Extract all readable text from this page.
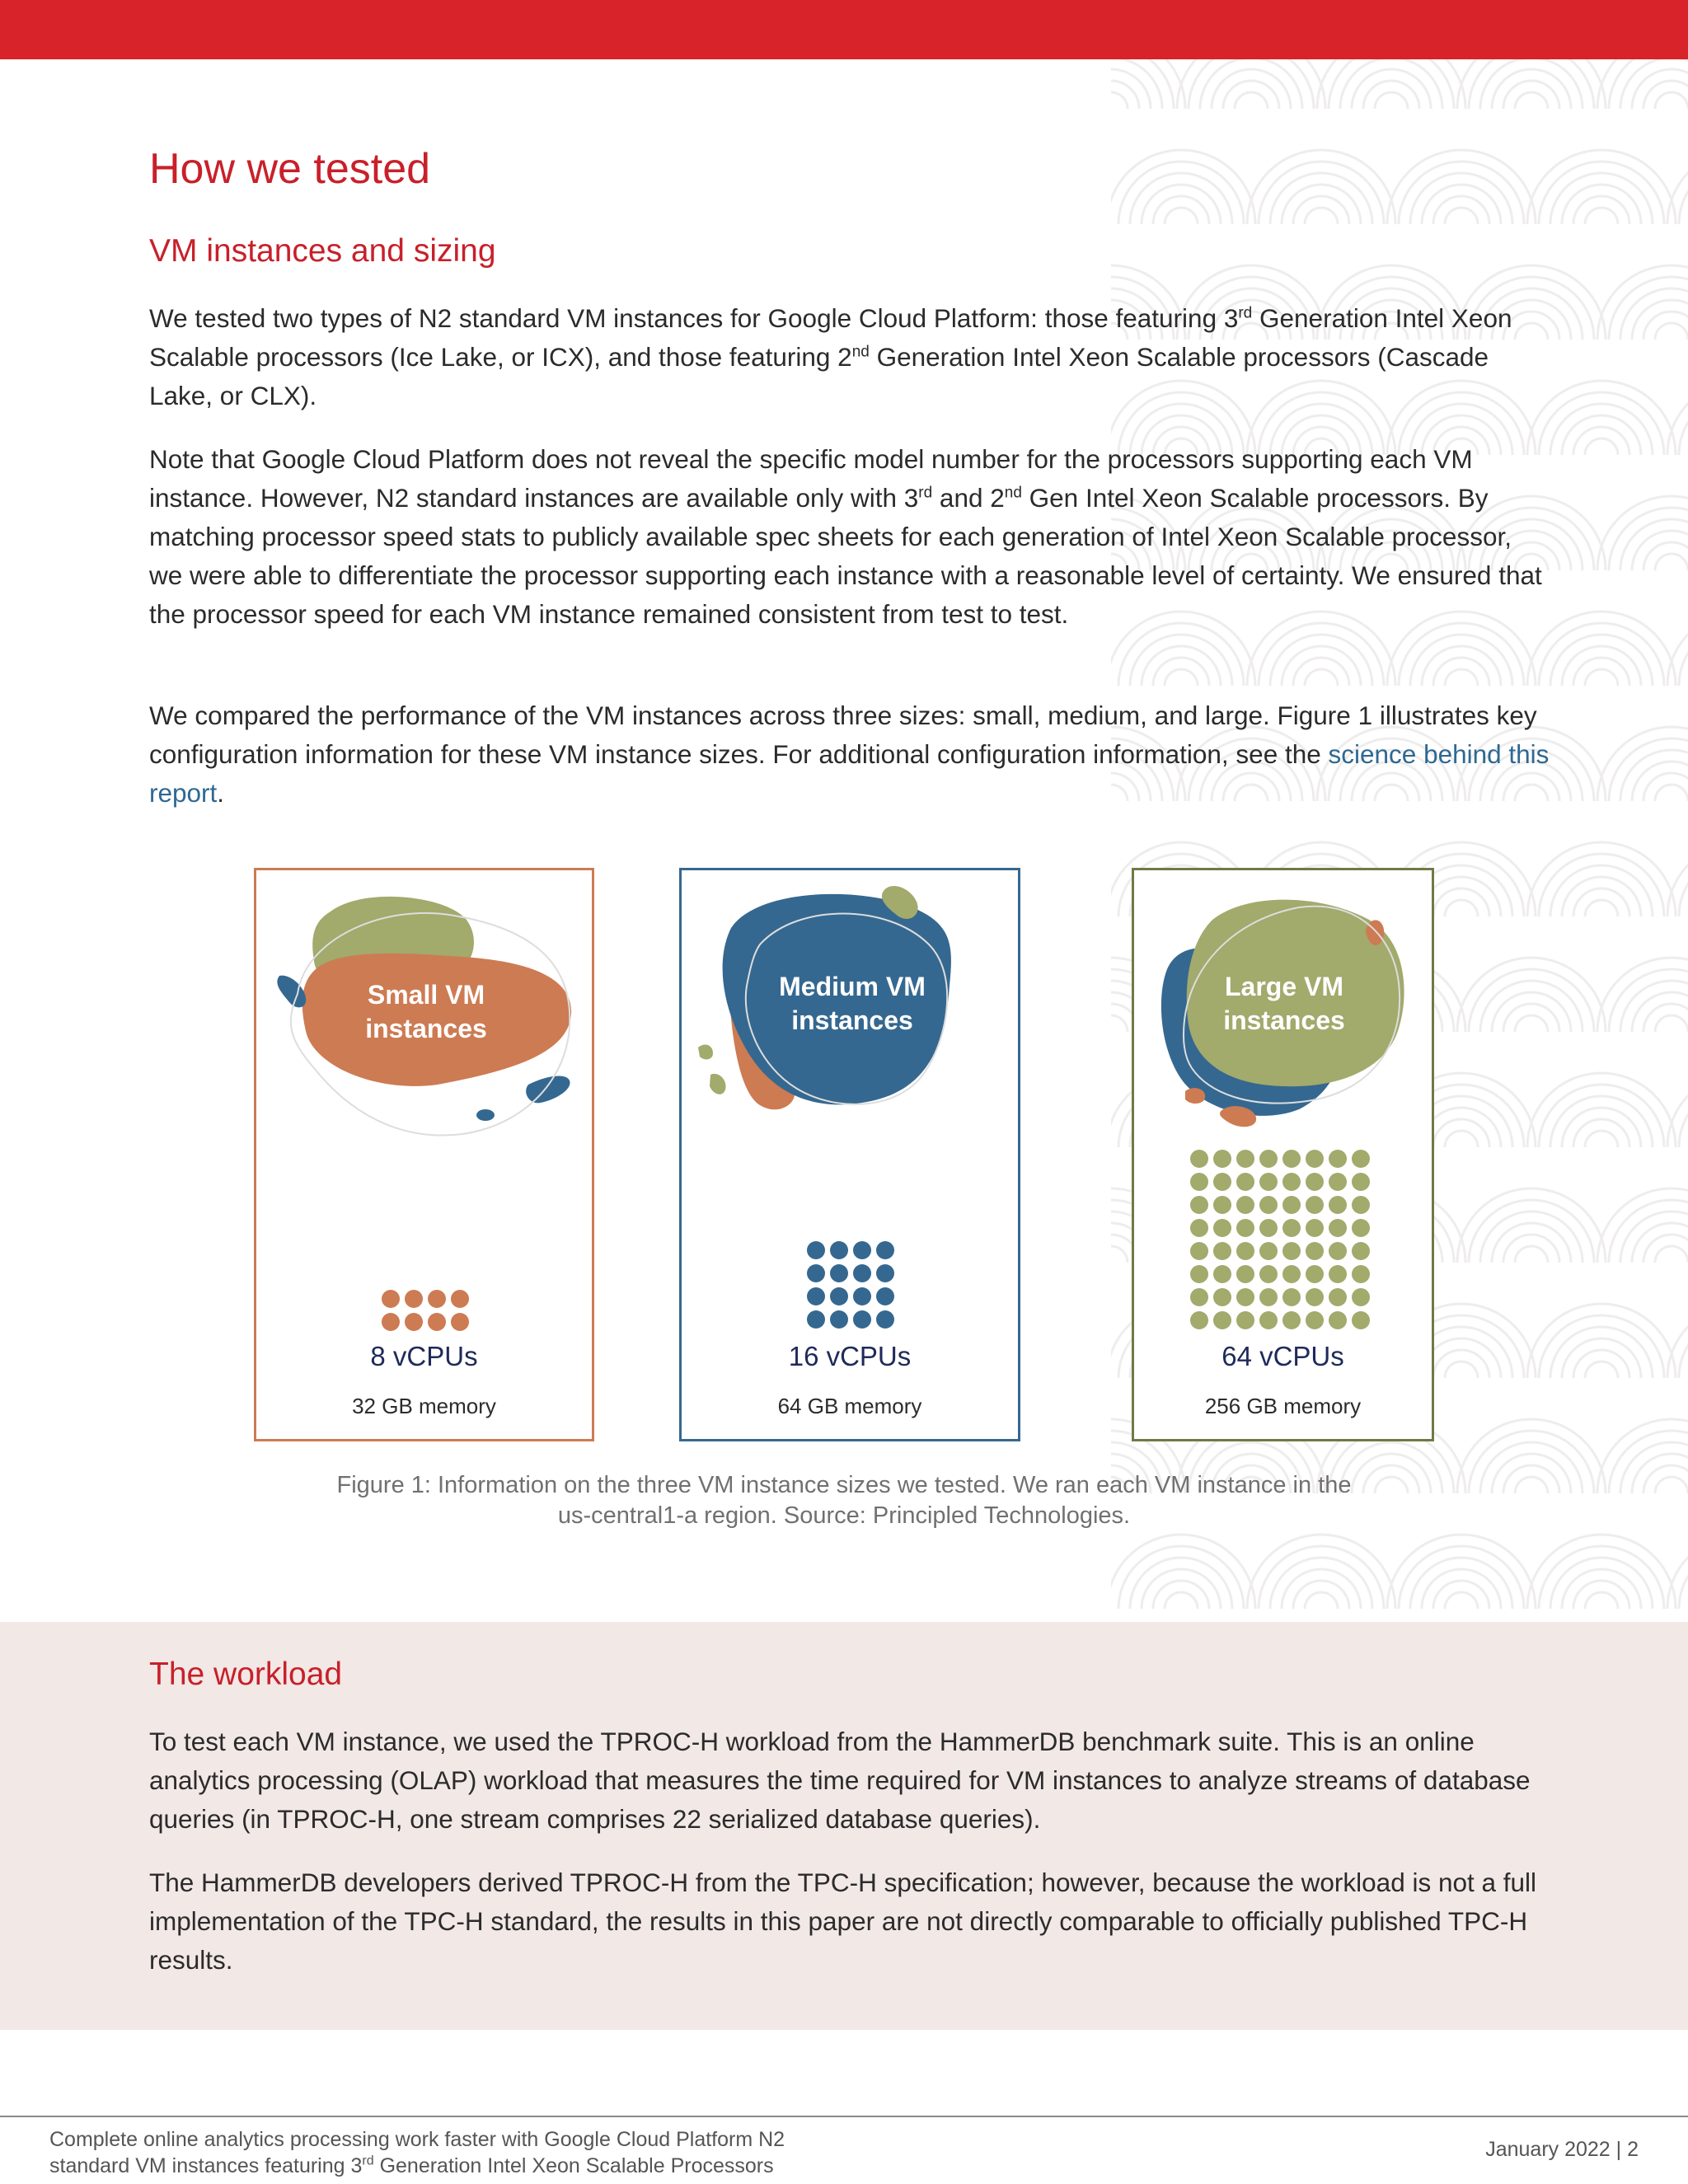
How we tested
VM instances and sizing

We tested two types of N2 standard VM instances for Google Cloud Platform: those featuring 3rd Generation Intel Xeon Scalable processors (Ice Lake, or ICX), and those featuring 2nd Generation Intel Xeon Scalable processors (Cascade Lake, or CLX).

Note that Google Cloud Platform does not reveal the specific model number for the processors supporting each VM instance. However, N2 standard instances are available only with 3rd and 2nd Gen Intel Xeon Scalable processors. By matching processor speed stats to publicly available spec sheets for each generation of Intel Xeon Scalable processor, we were able to differentiate the processor supporting each instance with a reasonable level of certainty. We ensured that the processor speed for each VM instance remained consistent from test to test.

We compared the performance of the VM instances across three sizes: small, medium, and large. Figure 1 illustrates key configuration information for these VM instance sizes. For additional configuration information, see the science behind this report.

Small VM
instances
8 vCPUs
32 GB memory
Medium VM
instances
16 vCPUs
64 GB memory
Large VM
instances
64 vCPUs
256 GB memory
Figure 1: Information on the three VM instance sizes we tested. We ran each VM instance in the
us-central1-a region. Source: Principled Technologies.
The workload

To test each VM instance, we used the TPROC-H workload from the HammerDB benchmark suite. This is an online analytics processing (OLAP) workload that measures the time required for VM instances to analyze streams of database queries (in TPROC-H, one stream comprises 22 serialized database queries).

The HammerDB developers derived TPROC-H from the TPC-H specification; however, because the workload is not a full implementation of the TPC-H standard, the results in this paper are not directly comparable to officially published TPC-H results.

Complete online analytics processing work faster with Google Cloud Platform N2
standard VM instances featuring 3rd Generation Intel Xeon Scalable Processors
January 2022 | 2
